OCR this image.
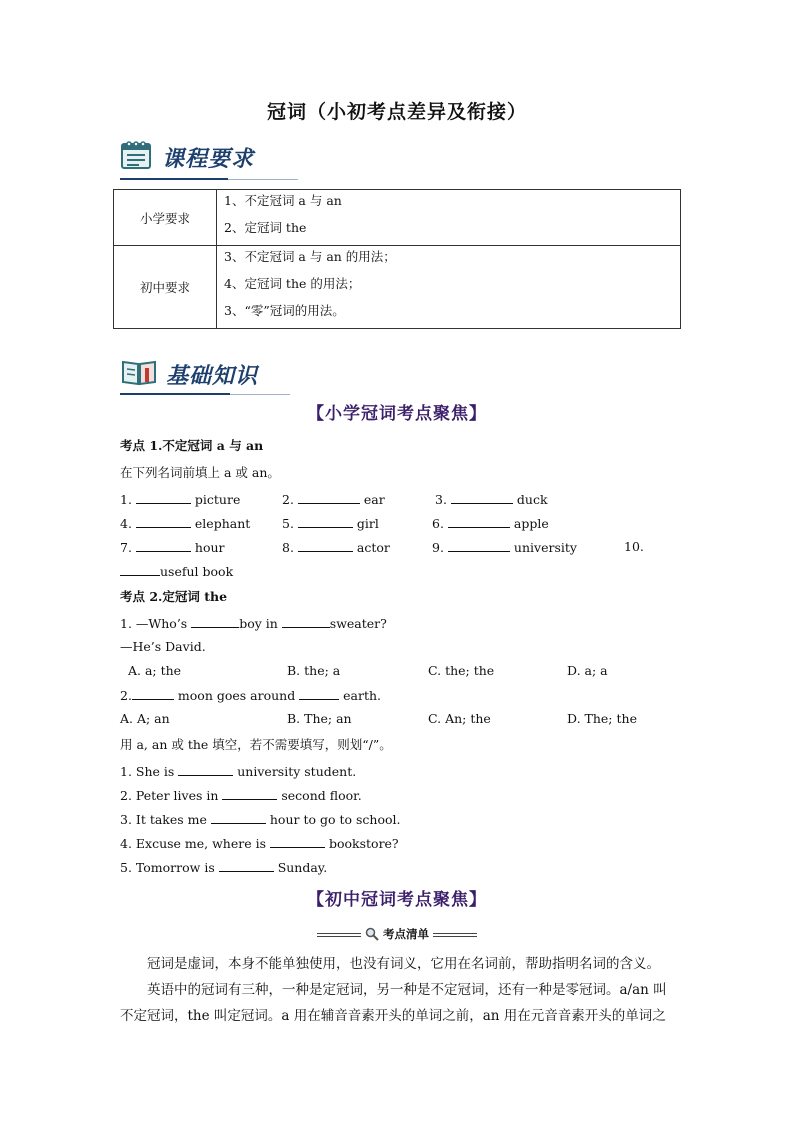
冠词（小初考点差异及衔接）
课程要求
小学要求	1、不定冠词 a 与 an
2、定冠词 the

初中要求	3、不定冠词 a 与 an 的用法；
4、定冠词 the 的用法；
3、“零”冠词的用法。
基础知识
【小学冠词考点聚焦】
考点 1.不定冠词 a 与 an
在下列名词前填上 a 或 an。
1.	picture	2.	ear	3.	duck
4.	elephant	5.	girl	6.	apple
7.	hour	8.	actor	9.	university	10.
useful book
考点 2.定冠词 the
1. —Who’s	boy in	sweater?
—He’s David.
A. a; the	B. the; a	C. the; the	D. a; a
2.	moon goes around	earth.
A. A; an	B. The; an	C. An; the	D. The; the
用 a, an 或 the 填空，若不需要填写，则划“/”。
1. She is	university student.
2. Peter lives in	second floor.
3. It takes me	hour to go to school.
4. Excuse me, where is	bookstore?
5. Tomorrow is	Sunday.
【初中冠词考点聚焦】
考点清单
冠词是虚词，本身不能单独使用，也没有词义，它用在名词前，帮助指明名词的含义。
英语中的冠词有三种，一种是定冠词，另一种是不定冠词，还有一种是零冠词。a/an 叫
不定冠词，the 叫定冠词。a 用在辅音音素开头的单词之前，an 用在元音音素开头的单词之
